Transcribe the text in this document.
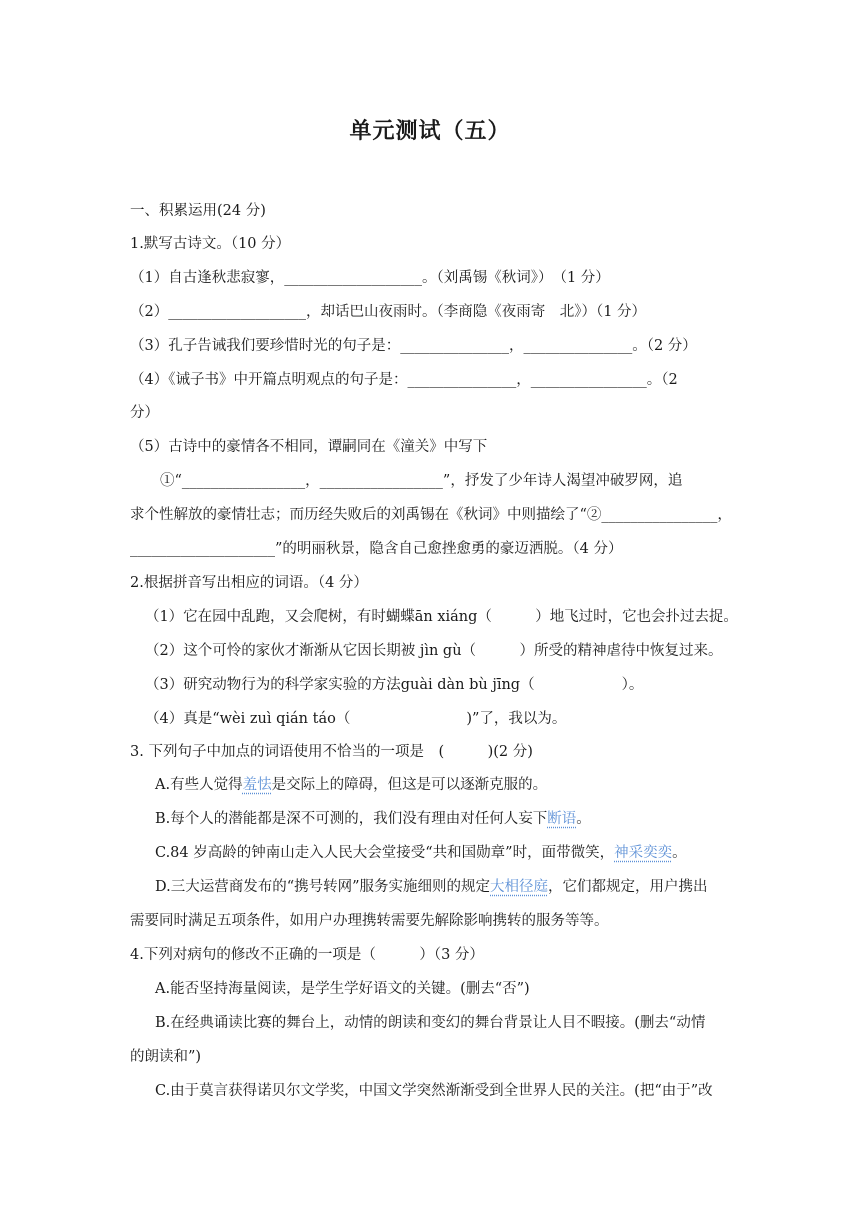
单元测试（五）
一、积累运用(24 分)
1.默写古诗文。（10 分）
（1）自古逢秋悲寂寥，___________________。（刘禹锡《秋词》）　（1 分）
（2）___________________，却话巴山夜雨时。（李商隐《夜雨寄　北》）（1 分）
（3）孔子告诫我们要珍惜时光的句子是：_______________，_______________。（2 分）
（4）《诫子书》中开篇点明观点的句子是：_______________，________________。（2
分）
（5）古诗中的豪情各不相同，谭嗣同在《潼关》中写下
①“_________________，_________________”，抒发了少年诗人渴望冲破罗网，追
求个性解放的豪情壮志；而历经失败后的刘禹锡在《秋词》中则描绘了“②________________，
____________________”的明丽秋景，隐含自己愈挫愈勇的豪迈洒脱。（4 分）
2.根据拼音写出相应的词语。（4 分）
（1）它在园中乱跑，又会爬树，有时蝴蝶ān xiáng（　　　）地飞过时，它也会扑过去捉。
（2）这个可怜的家伙才渐渐从它因长期被 jìn gù（　　　）所受的精神虐待中恢复过来。
（3）研究动物行为的科学家实验的方法guài dàn bù jīng（　　　　　　）。
（4）真是“wèi zuì qián táo（　　　　　　　　)”了，我以为。
3. 下列句子中加点的词语使用不恰当的一项是　(　　　)(2 分)
A.有些人觉得羞怯是交际上的障碍，但这是可以逐渐克服的。
B.每个人的潜能都是深不可测的，我们没有理由对任何人妄下断语。
C.84 岁高龄的钟南山走入人民大会堂接受“共和国勋章”时，面带微笑，神采奕奕。
D.三大运营商发布的“携号转网”服务实施细则的规定大相径庭，它们都规定，用户携出
需要同时满足五项条件，如用户办理携转需要先解除影响携转的服务等等。
4.下列对病句的修改不正确的一项是（　　　）（3 分）
A.能否坚持海量阅读，是学生学好语文的关键。(删去“否”)
B.在经典诵读比赛的舞台上，动情的朗读和变幻的舞台背景让人目不暇接。(删去“动情
的朗读和”)
C.由于莫言获得诺贝尔文学奖，中国文学突然渐渐受到全世界人民的关注。(把“由于”改
